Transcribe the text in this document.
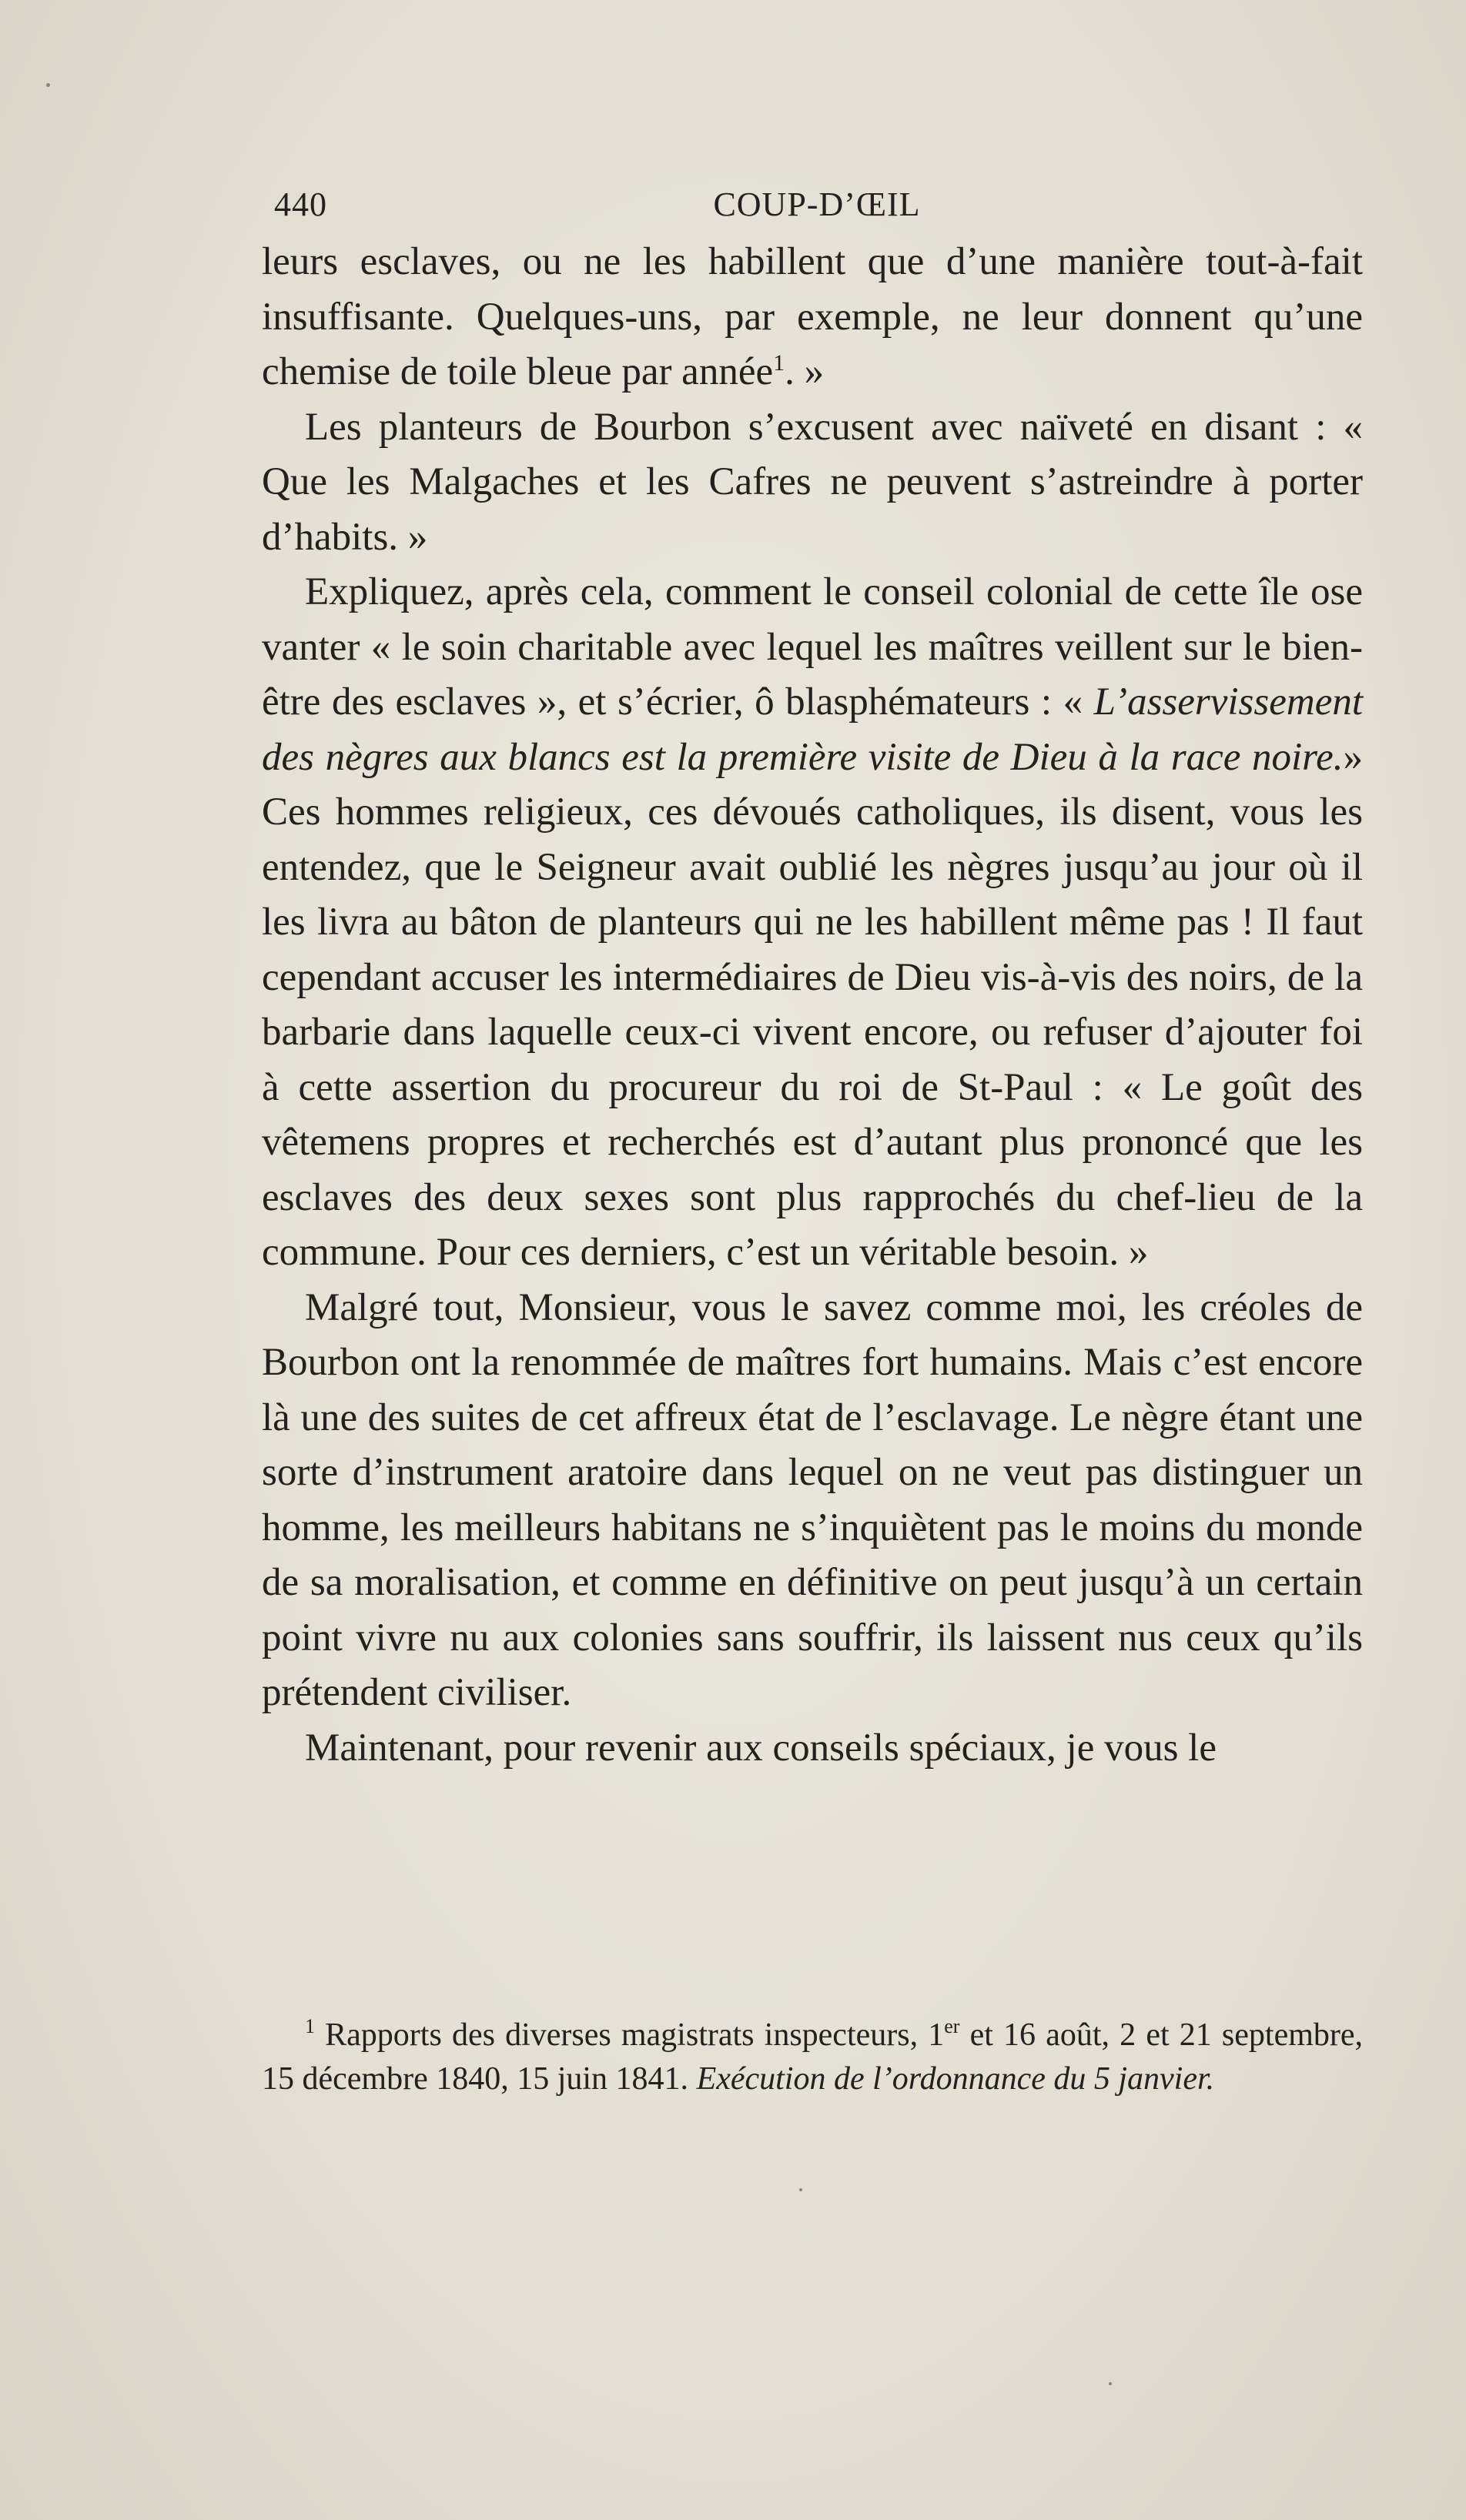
440	COUP-D’ŒIL

leurs esclaves, ou ne les habillent que d’une manière tout-à-fait insuffisante. Quelques-uns, par exemple, ne leur donnent qu’une chemise de toile bleue par année$^1$. »

Les planteurs de Bourbon s’excusent avec naïveté en disant : « Que les Malgaches et les Cafres ne peuvent s’astreindre à porter d’habits. »

Expliquez, après cela, comment le conseil colonial de cette île ose vanter « le soin charitable avec lequel les maîtres veillent sur le bien-être des esclaves », et s’écrier, ô blasphémateurs : « L’asservissement des nègres aux blancs est la première visite de Dieu à la race noire.» Ces hommes religieux, ces dévoués catholiques, ils disent, vous les entendez, que le Seigneur avait oublié les nègres jusqu’au jour où il les livra au bâton de planteurs qui ne les habillent même pas ! Il faut cependant accuser les intermédiaires de Dieu vis-à-vis des noirs, de la barbarie dans laquelle ceux-ci vivent encore, ou refuser d’ajouter foi à cette assertion du procureur du roi de St-Paul : « Le goût des vêtemens propres et recherchés est d’autant plus prononcé que les esclaves des deux sexes sont plus rapprochés du chef-lieu de la commune. Pour ces derniers, c’est un véritable besoin. »

Malgré tout, Monsieur, vous le savez comme moi, les créoles de Bourbon ont la renommée de maîtres fort humains. Mais c’est encore là une des suites de cet affreux état de l’esclavage. Le nègre étant une sorte d’instrument aratoire dans lequel on ne veut pas distinguer un homme, les meilleurs habitans ne s’inquiètent pas le moins du monde de sa moralisation, et comme en définitive on peut jusqu’à un certain point vivre nu aux colonies sans souffrir, ils laissent nus ceux qu’ils prétendent civiliser.

Maintenant, pour revenir aux conseils spéciaux, je vous le

$^1$ Rapports des diverses magistrats inspecteurs, 1er et 16 août, 2 et 21 septembre, 15 décembre 1840, 15 juin 1841. Exécution de l’ordonnance du 5 janvier.
